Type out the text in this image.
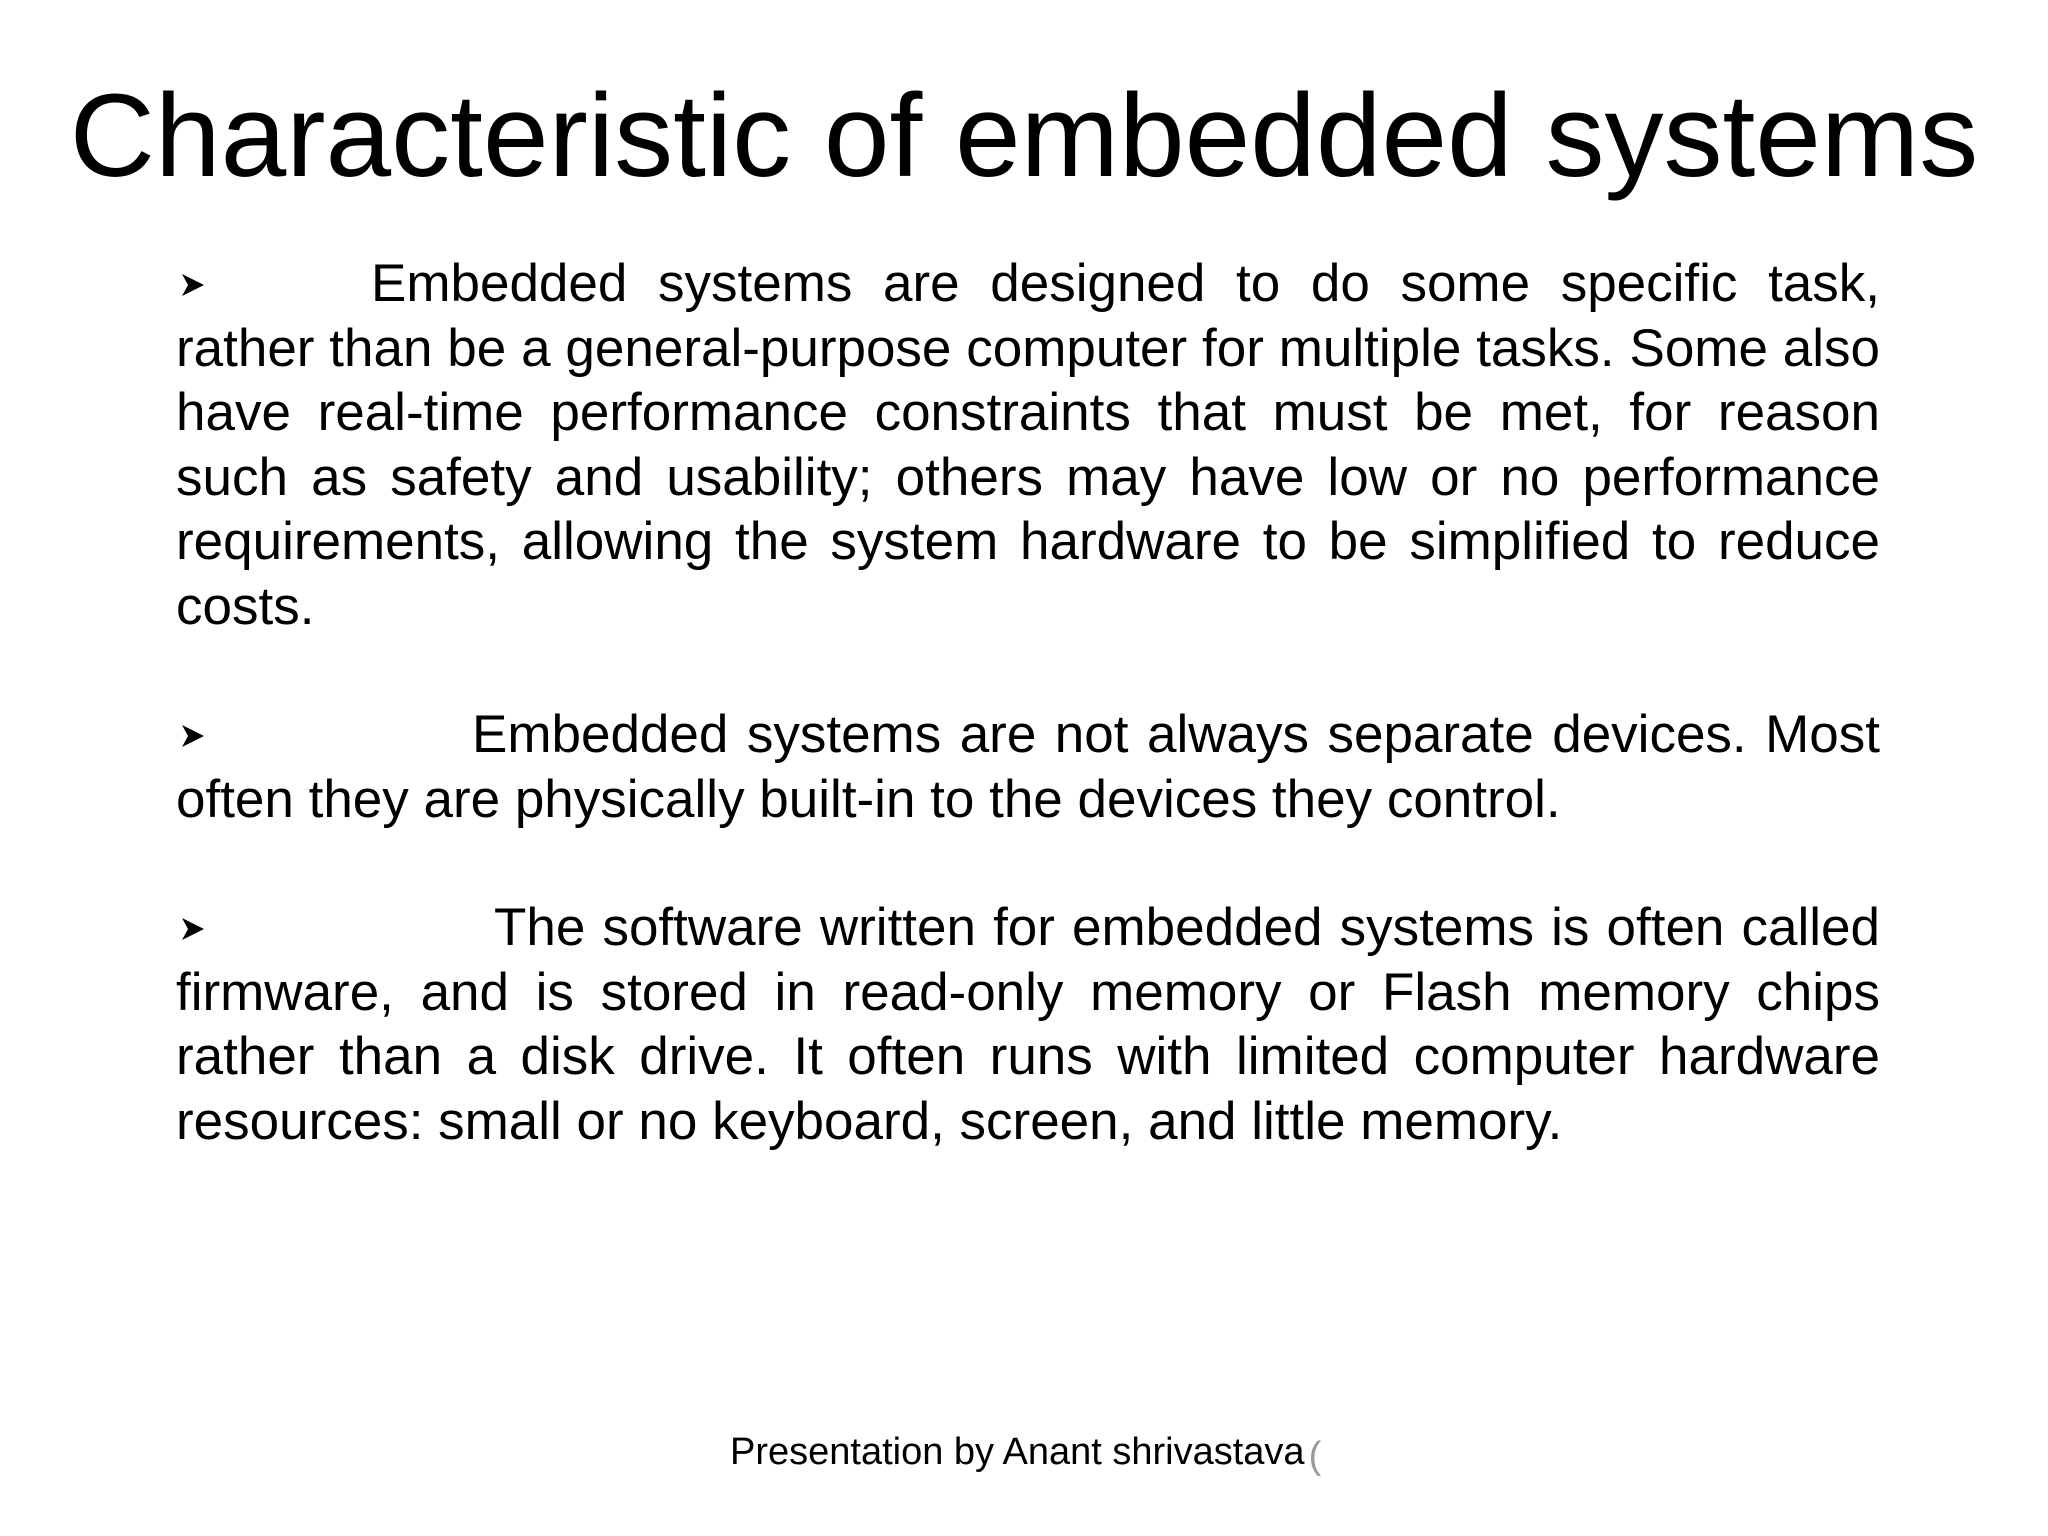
Characteristic of embedded systems

Embedded systems are designed to do some specific task, rather than be a general-purpose computer for multiple tasks. Some also have real-time performance constraints that must be met, for reason such as safety and usability; others may have low or no performance requirements, allowing the system hardware to be simplified to reduce costs.

Embedded systems are not always separate devices. Most often they are physically built-in to the devices they control.

The software written for embedded systems is often called firmware, and is stored in read-only memory or Flash memory chips rather than a disk drive. It often runs with limited computer hardware resources: small or no keyboard, screen, and little memory.

Presentation by Anant shrivastava (
